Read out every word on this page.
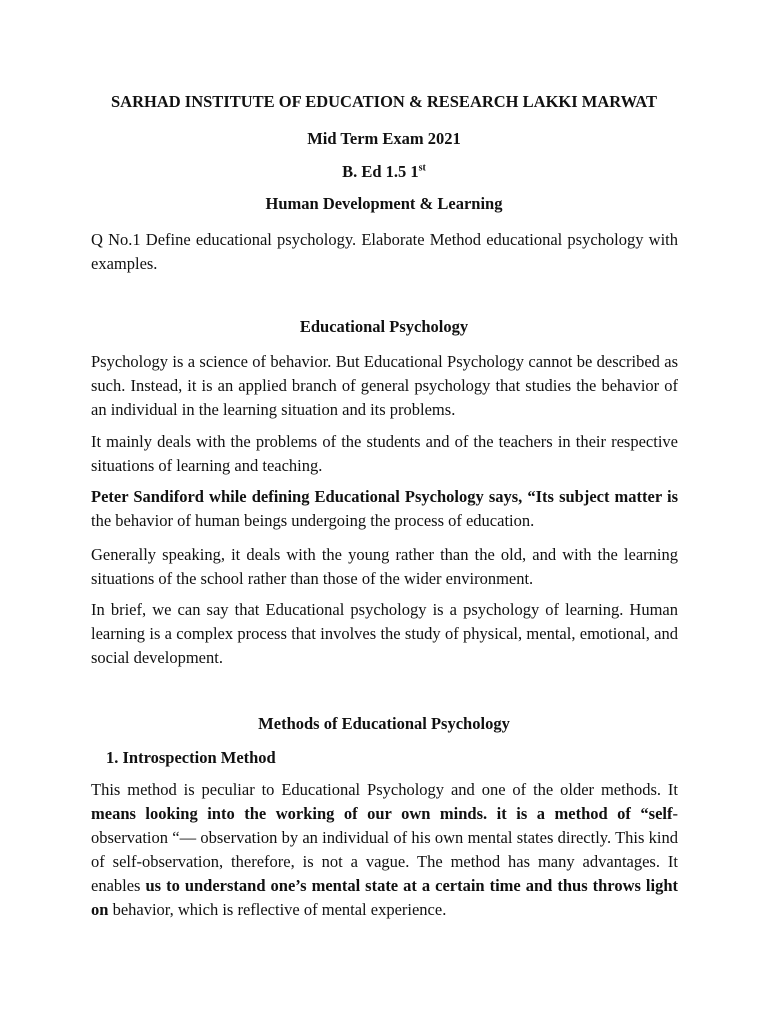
SARHAD INSTITUTE OF EDUCATION & RESEARCH LAKKI MARWAT

Mid Term Exam 2021

B. Ed 1.5 1st

Human Development & Learning

Q No.1 Define educational psychology. Elaborate Method educational psychology with examples.

Educational Psychology

Psychology is a science of behavior. But Educational Psychology cannot be described as such. Instead, it is an applied branch of general psychology that studies the behavior of an individual in the learning situation and its problems.

It mainly deals with the problems of the students and of the teachers in their respective situations of learning and teaching.

Peter Sandiford while defining Educational Psychology says, “Its subject matter is the behavior of human beings undergoing the process of education.

Generally speaking, it deals with the young rather than the old, and with the learning situations of the school rather than those of the wider environment.

In brief, we can say that Educational psychology is a psychology of learning. Human learning is a complex process that involves the study of physical, mental, emotional, and social development.

Methods of Educational Psychology

1. Introspection Method

This method is peculiar to Educational Psychology and one of the older methods. It means looking into the working of our own minds. it is a method of “self-observation “— observation by an individual of his own mental states directly. This kind of self-observation, therefore, is not a vague. The method has many advantages. It enables us to understand one’s mental state at a certain time and thus throws light on behavior, which is reflective of mental experience.
